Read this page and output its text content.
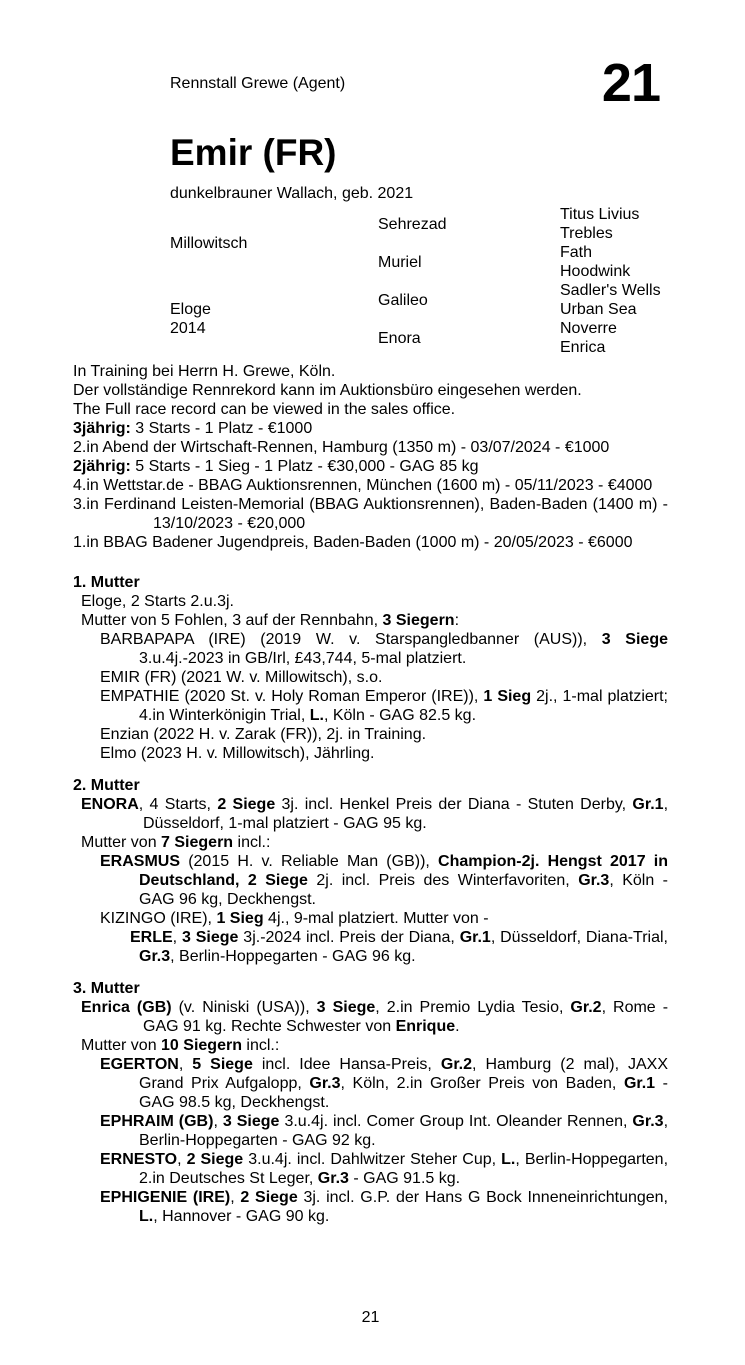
Rennstall Grewe (Agent)	21
Emir (FR)
dunkelbrauner Wallach, geb. 2021
Millowitsch
Eloge
2014
Sehrezad
Muriel
Galileo
Enora
Titus Livius
Trebles
Fath
Hoodwink
Sadler's Wells
Urban Sea
Noverre
Enrica
In Training bei Herrn H. Grewe, Köln.
Der vollständige Rennrekord kann im Auktionsbüro eingesehen werden.
The Full race record can be viewed in the sales office.
3jährig: 3 Starts - 1 Platz - €1000
2.in Abend der Wirtschaft-Rennen, Hamburg (1350 m) - 03/07/2024 - €1000
2jährig: 5 Starts - 1 Sieg - 1 Platz - €30,000 - GAG 85 kg
4.in Wettstar.de - BBAG Auktionsrennen, München (1600 m) - 05/11/2023 - €4000
3.in Ferdinand Leisten-Memorial (BBAG Auktionsrennen), Baden-Baden (1400 m) - 13/10/2023 - €20,000
1.in BBAG Badener Jugendpreis, Baden-Baden (1000 m) - 20/05/2023 - €6000
1. Mutter
Eloge, 2 Starts 2.u.3j.
Mutter von 5 Fohlen, 3 auf der Rennbahn, 3 Siegern:
BARBAPAPA (IRE) (2019 W. v. Starspangledbanner (AUS)), 3 Siege 3.u.4j.-2023 in GB/Irl, £43,744, 5-mal platziert.
EMIR (FR) (2021 W. v. Millowitsch), s.o.
EMPATHIE (2020 St. v. Holy Roman Emperor (IRE)), 1 Sieg 2j., 1-mal platziert; 4.in Winterkönigin Trial, L., Köln - GAG 82.5 kg.
Enzian (2022 H. v. Zarak (FR)), 2j. in Training.
Elmo (2023 H. v. Millowitsch), Jährling.
2. Mutter
ENORA, 4 Starts, 2 Siege 3j. incl. Henkel Preis der Diana - Stuten Derby, Gr.1, Düsseldorf, 1-mal platziert - GAG 95 kg.
Mutter von 7 Siegern incl.:
ERASMUS (2015 H. v. Reliable Man (GB)), Champion-2j. Hengst 2017 in Deutschland, 2 Siege 2j. incl. Preis des Winterfavoriten, Gr.3, Köln - GAG 96 kg, Deckhengst.
KIZINGO (IRE), 1 Sieg 4j., 9-mal platziert. Mutter von -
ERLE, 3 Siege 3j.-2024 incl. Preis der Diana, Gr.1, Düsseldorf, Diana-Trial, Gr.3, Berlin-Hoppegarten - GAG 96 kg.
3. Mutter
Enrica (GB) (v. Niniski (USA)), 3 Siege, 2.in Premio Lydia Tesio, Gr.2, Rome - GAG 91 kg. Rechte Schwester von Enrique.
Mutter von 10 Siegern incl.:
EGERTON, 5 Siege incl. Idee Hansa-Preis, Gr.2, Hamburg (2 mal), JAXX Grand Prix Aufgalopp, Gr.3, Köln, 2.in Großer Preis von Baden, Gr.1 - GAG 98.5 kg, Deckhengst.
EPHRAIM (GB), 3 Siege 3.u.4j. incl. Comer Group Int. Oleander Rennen, Gr.3, Berlin-Hoppegarten - GAG 92 kg.
ERNESTO, 2 Siege 3.u.4j. incl. Dahlwitzer Steher Cup, L., Berlin-Hoppegarten, 2.in Deutsches St Leger, Gr.3 - GAG 91.5 kg.
EPHIGENIE (IRE), 2 Siege 3j. incl. G.P. der Hans G Bock Inneneinrichtungen, L., Hannover - GAG 90 kg.
21
